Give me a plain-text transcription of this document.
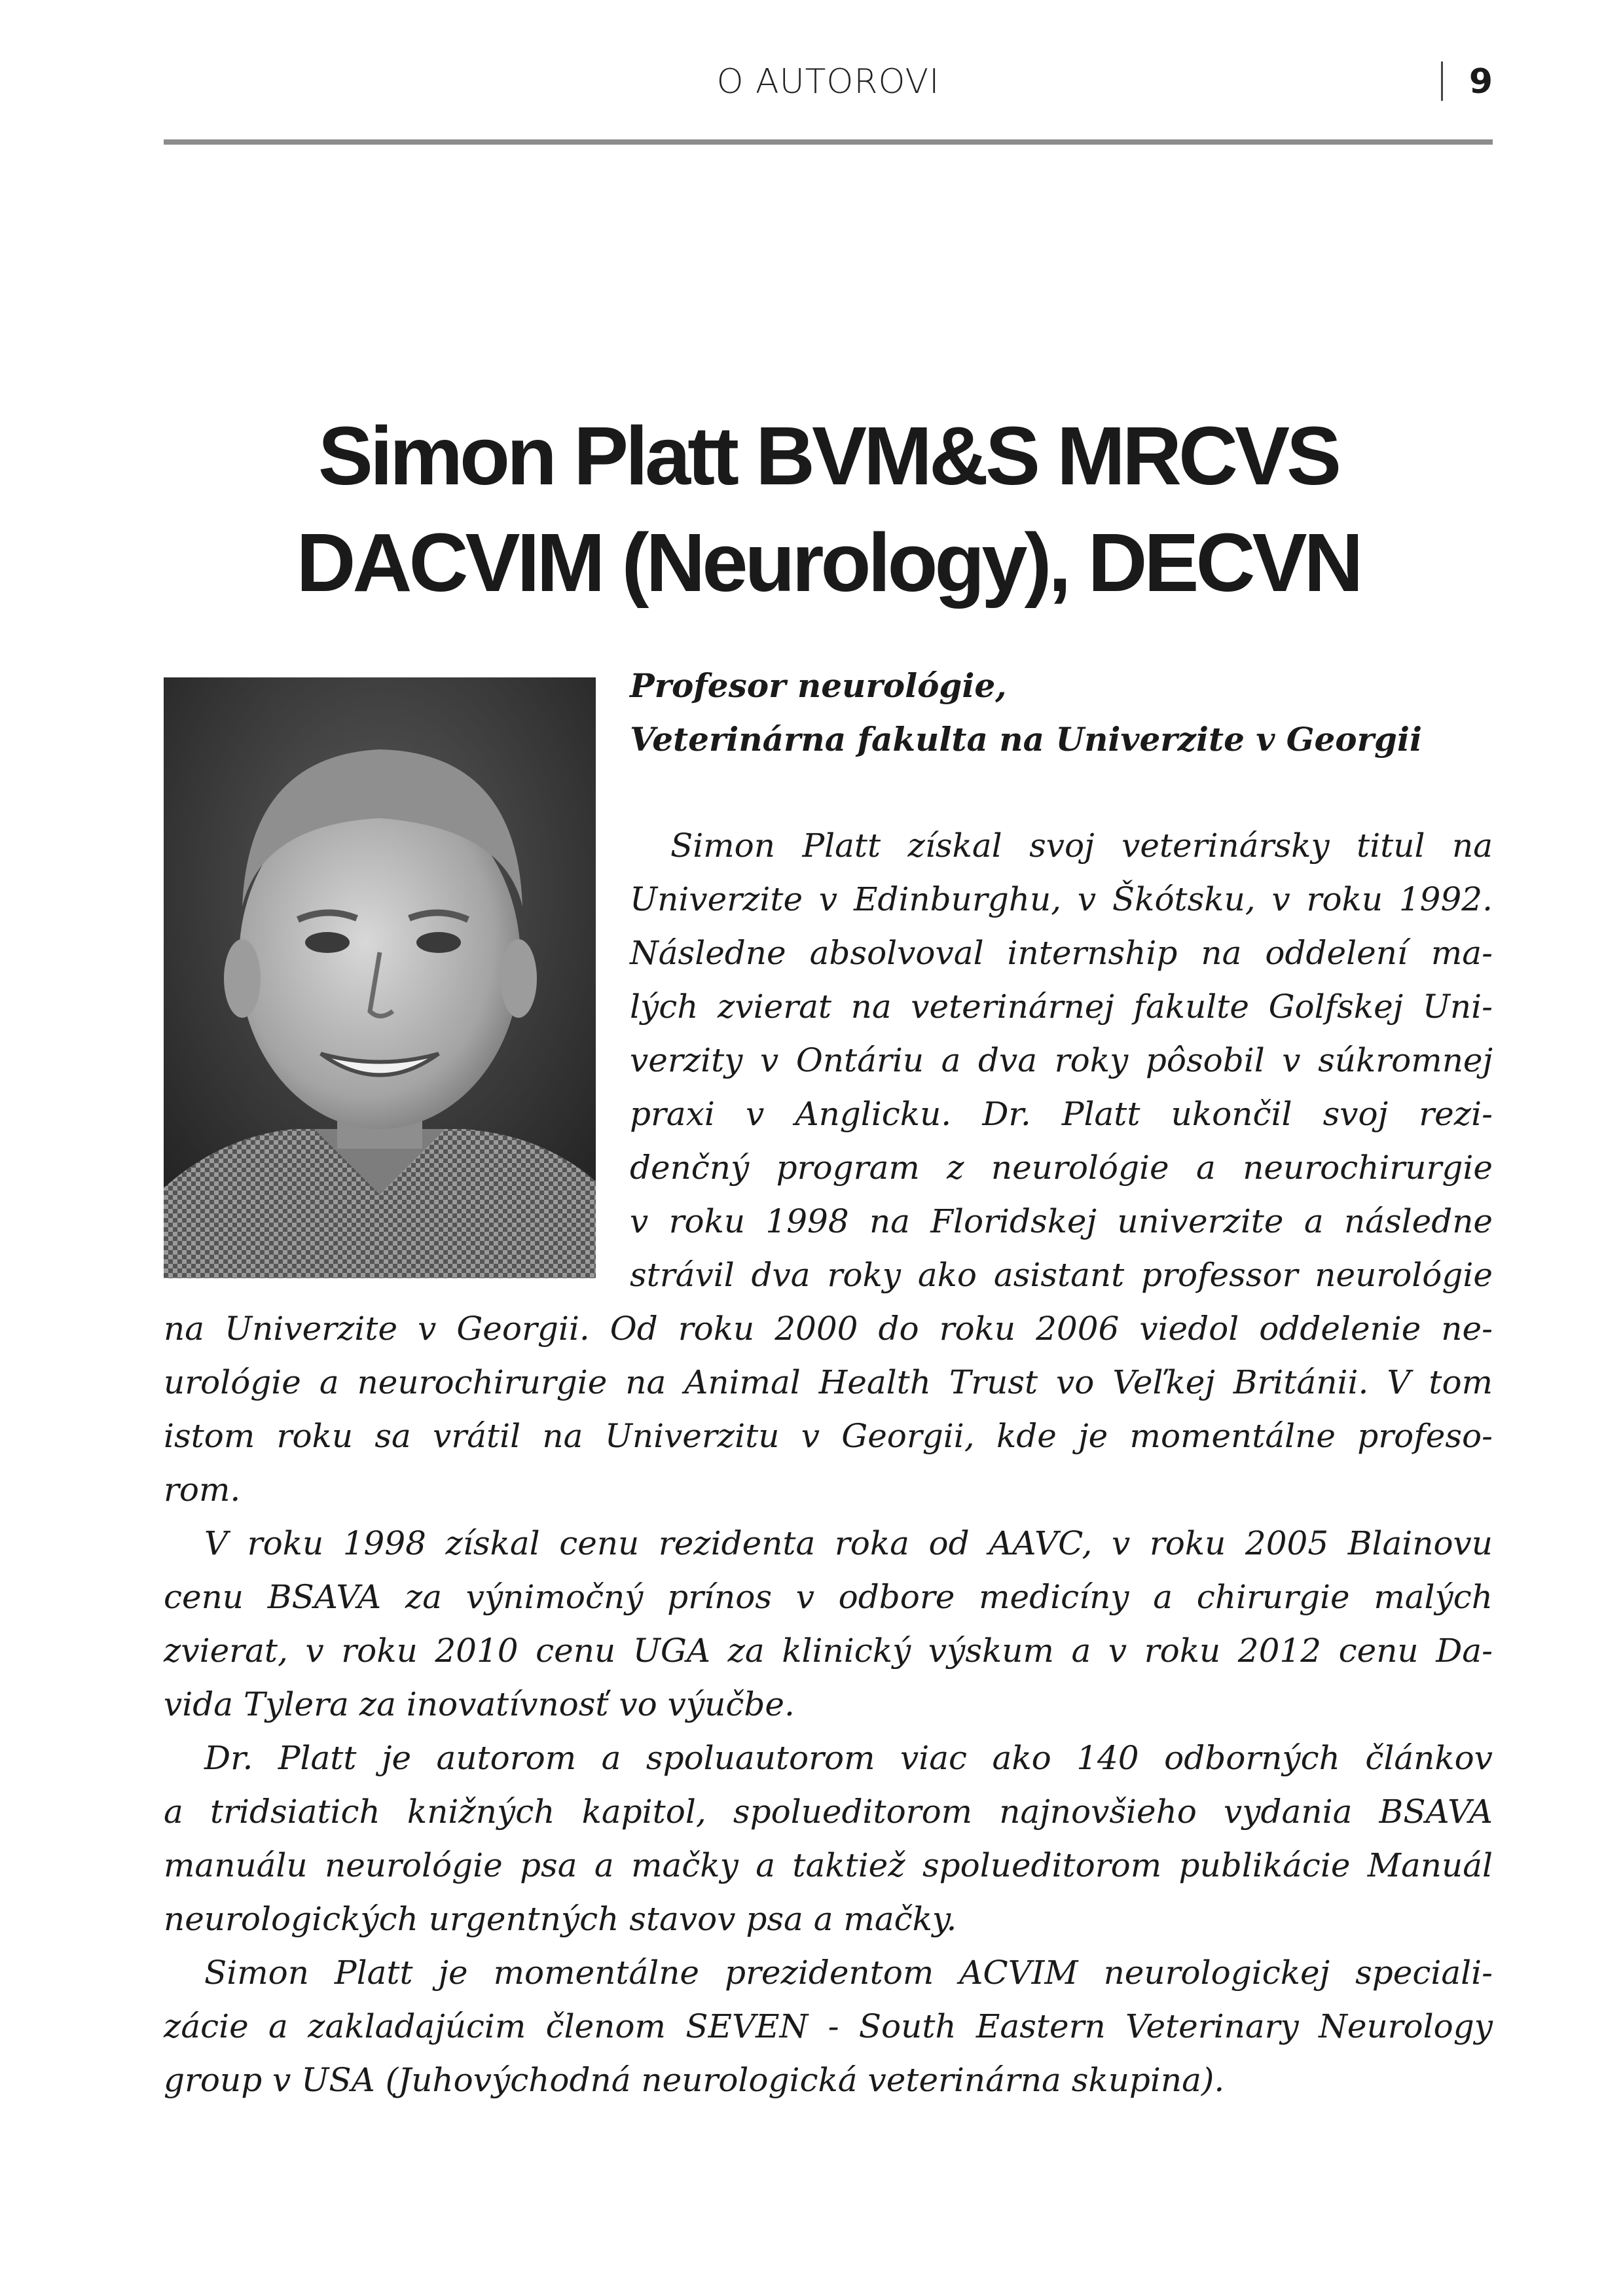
O AUTOROVI	9
Simon Platt BVM&S MRCVS
DACVIM (Neurology), DECVN
Profesor neurológie,
Veterinárna fakulta na Univerzite v Georgii
Simon Platt získal svoj veterinársky titul na
Univerzite v Edinburghu, v Škótsku, v roku 1992.
Následne absolvoval internship na oddelení ma-
lých zvierat na veterinárnej fakulte Golfskej Uni-
verzity v Ontáriu a dva roky pôsobil v súkromnej
praxi v Anglicku. Dr. Platt ukončil svoj rezi-
denčný program z neurológie a neurochirurgie
v roku 1998 na Floridskej univerzite a následne
strávil dva roky ako asistant professor neurológie
na Univerzite v Georgii. Od roku 2000 do roku 2006 viedol oddelenie ne-
urológie a neurochirurgie na Animal Health Trust vo Veľkej Británii. V tom
istom roku sa vrátil na Univerzitu v Georgii, kde je momentálne profeso-
rom.
V roku 1998 získal cenu rezidenta roka od AAVC, v roku 2005 Blainovu
cenu BSAVA za výnimočný prínos v odbore medicíny a chirurgie malých
zvierat, v roku 2010 cenu UGA za klinický výskum a v roku 2012 cenu Da-
vida Tylera za inovatívnosť vo výučbe.
Dr. Platt je autorom a spoluautorom viac ako 140 odborných článkov
a tridsiatich knižných kapitol, spolueditorom najnovšieho vydania BSAVA
manuálu neurológie psa a mačky a taktiež spolueditorom publikácie Manuál
neurologických urgentných stavov psa a mačky.
Simon Platt je momentálne prezidentom ACVIM neurologickej speciali-
zácie a zakladajúcim členom SEVEN - South Eastern Veterinary Neurology
group v USA (Juhovýchodná neurologická veterinárna skupina).
